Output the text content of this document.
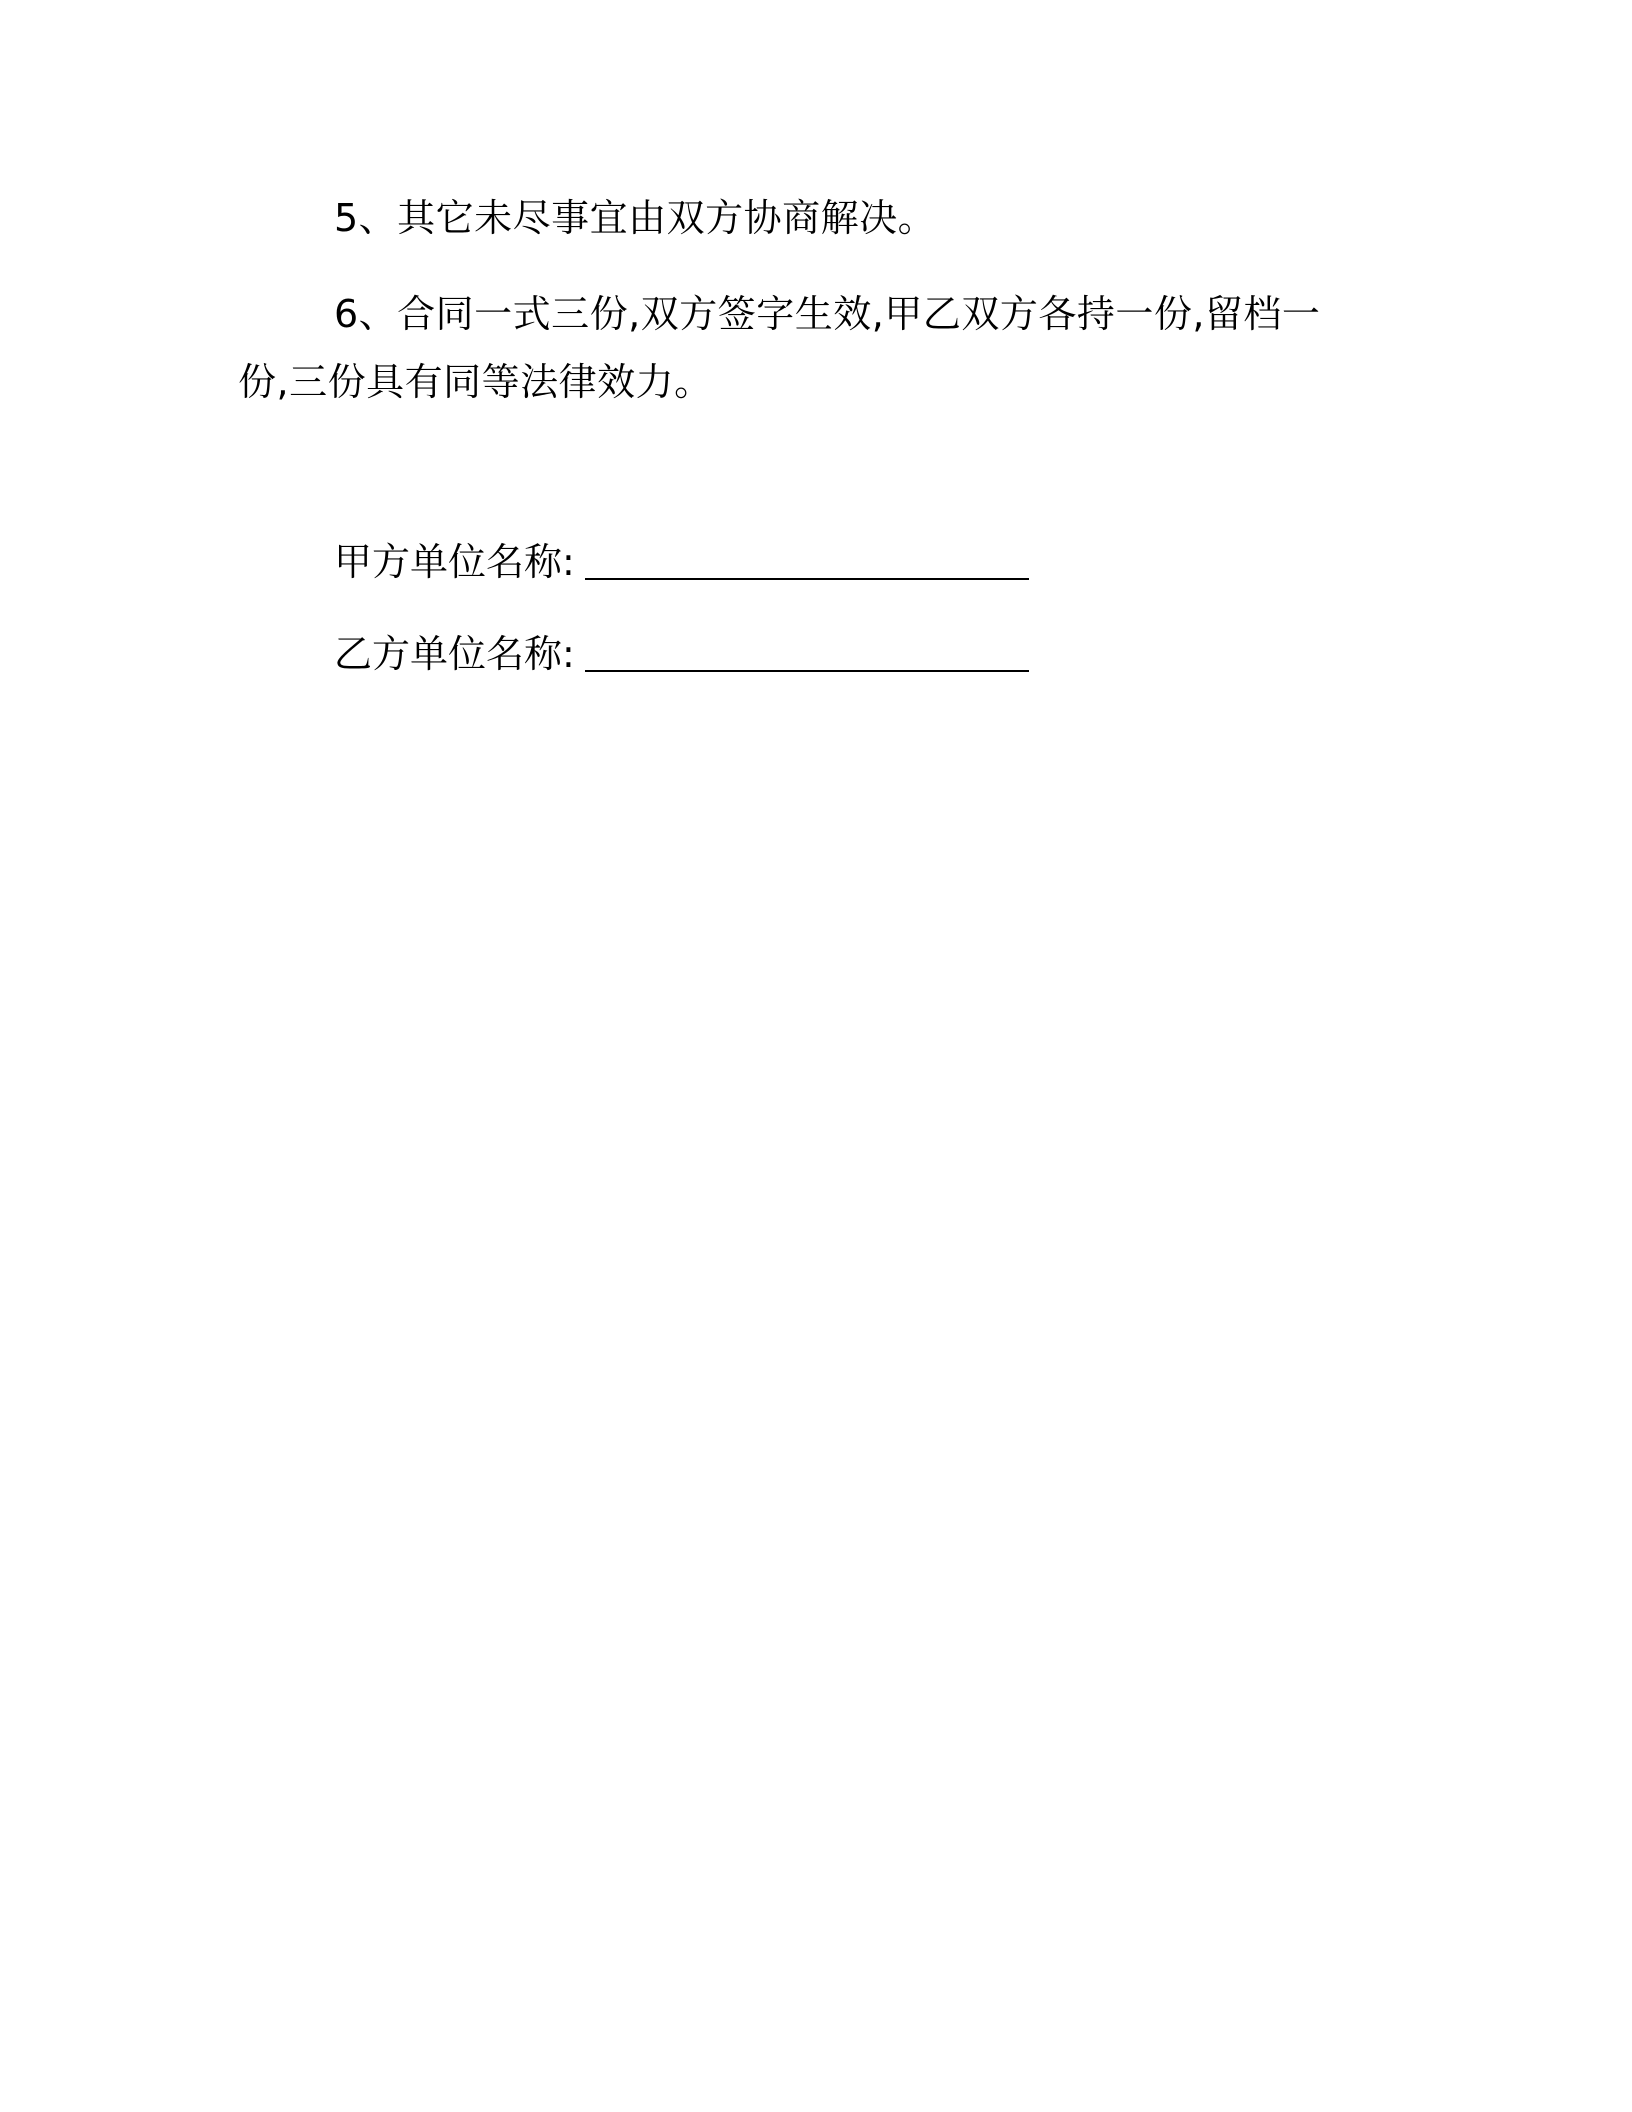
5、其它未尽事宜由双方协商解决。

6、合同一式三份,双方签字生效,甲乙双方各持一份,留档一份,三份具有同等法律效力。

甲方单位名称:
乙方单位名称:
